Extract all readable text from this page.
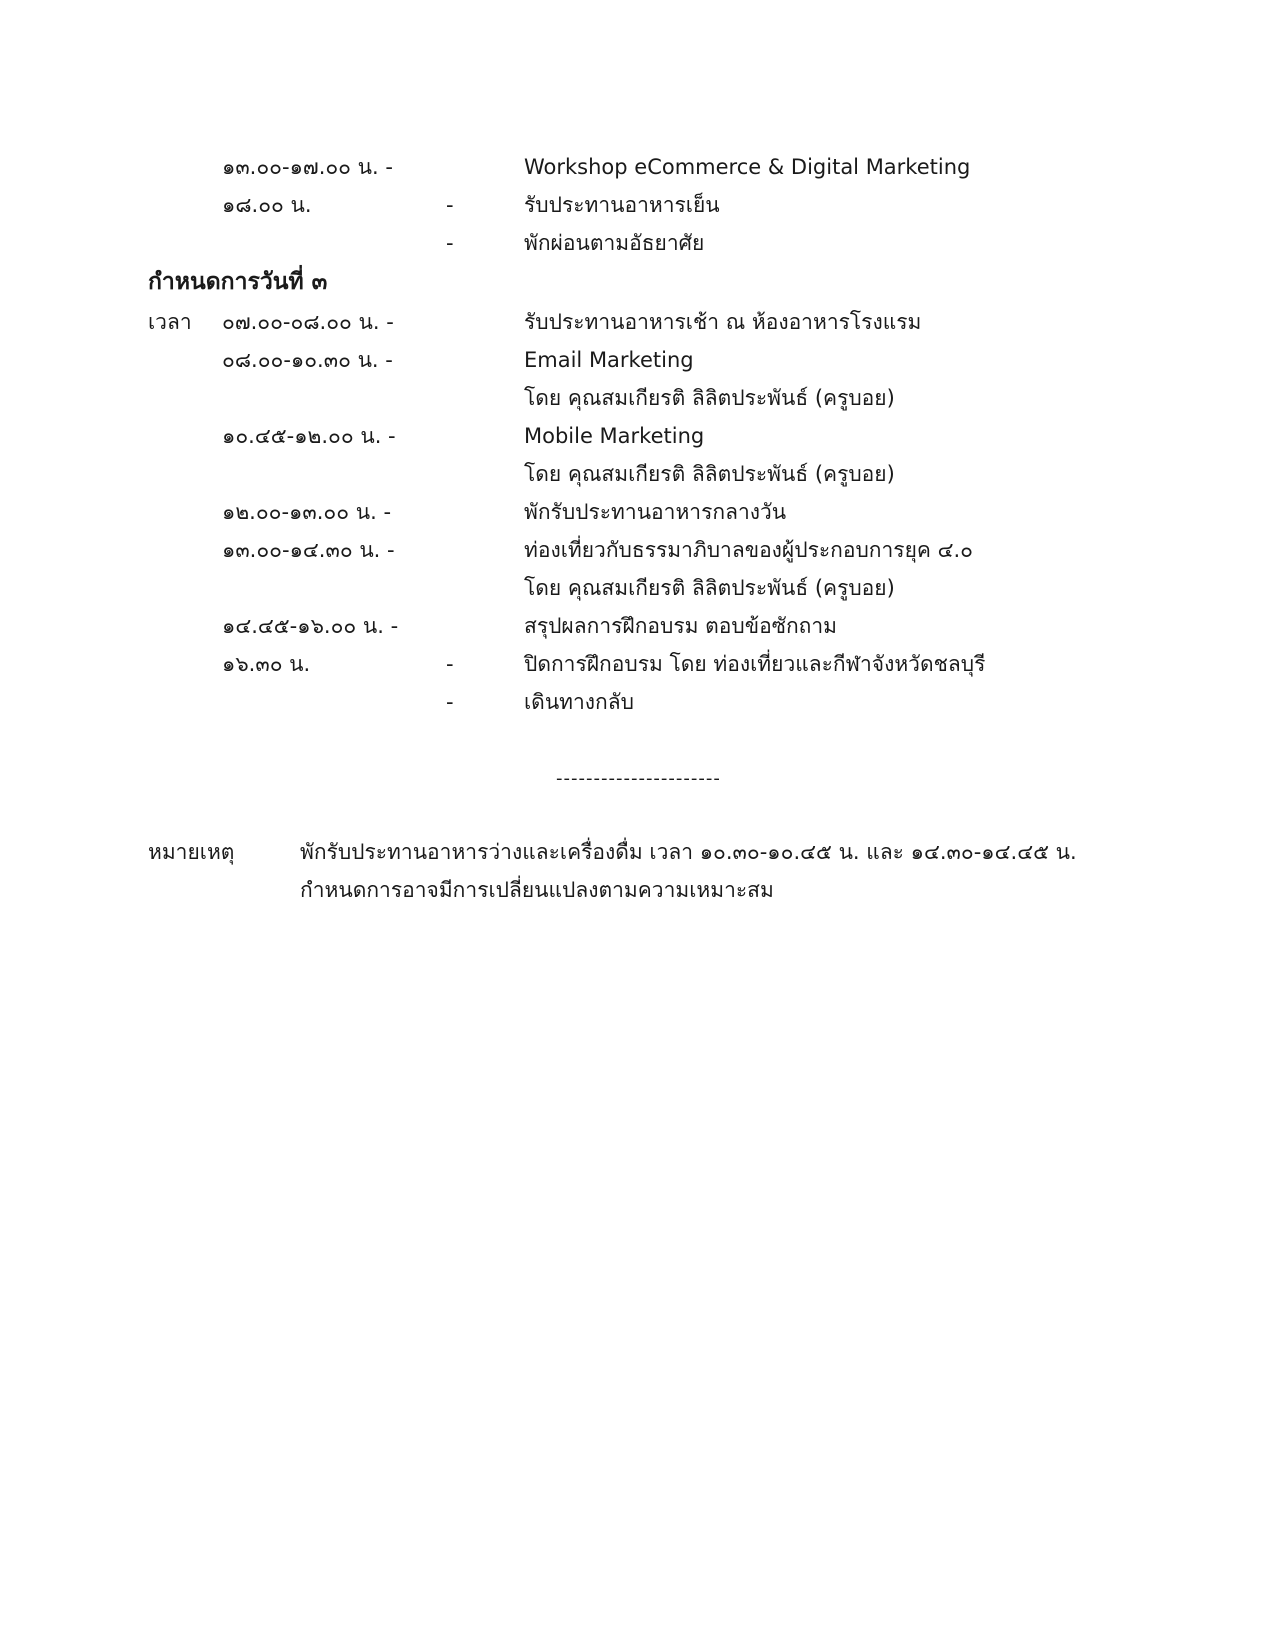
๑๓.๐๐-๑๗.๐๐ น. -	Workshop eCommerce & Digital Marketing
๑๘.๐๐ น.	-	รับประทานอาหารเย็น
-	พักผ่อนตามอัธยาศัย
กำหนดการวันที่ ๓
เวลา ๐๗.๐๐-๐๘.๐๐ น. -	รับประทานอาหารเช้า ณ ห้องอาหารโรงแรม
๐๘.๐๐-๑๐.๓๐ น. -	Email Marketing
โดย คุณสมเกียรติ ลิลิตประพันธ์ (ครูบอย)
๑๐.๔๕-๑๒.๐๐ น. -	Mobile Marketing
โดย คุณสมเกียรติ ลิลิตประพันธ์ (ครูบอย)
๑๒.๐๐-๑๓.๐๐ น. -	พักรับประทานอาหารกลางวัน
๑๓.๐๐-๑๔.๓๐ น. -	ท่องเที่ยวกับธรรมาภิบาลของผู้ประกอบการยุค ๔.๐
โดย คุณสมเกียรติ ลิลิตประพันธ์ (ครูบอย)
๑๔.๔๕-๑๖.๐๐ น. -	สรุปผลการฝึกอบรม ตอบข้อซักถาม
๑๖.๓๐ น.	-	ปิดการฝึกอบรม โดย ท่องเที่ยวและกีฬาจังหวัดชลบุรี
-	เดินทางกลับ
----------------------
หมายเหตุ	พักรับประทานอาหารว่างและเครื่องดื่ม เวลา ๑๐.๓๐-๑๐.๔๕ น. และ ๑๔.๓๐-๑๔.๔๕ น.
กำหนดการอาจมีการเปลี่ยนแปลงตามความเหมาะสม
